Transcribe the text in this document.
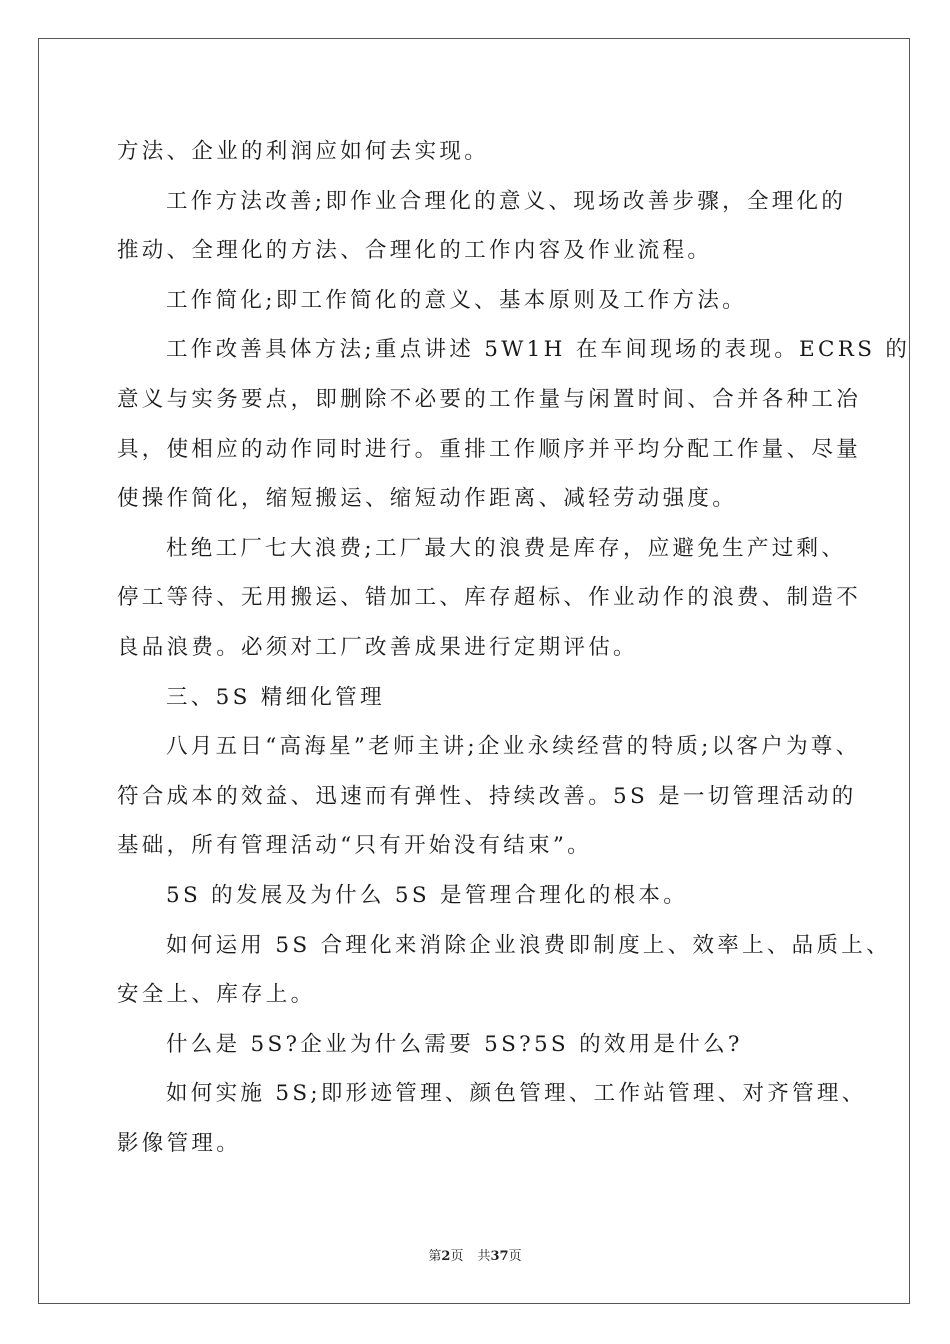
方法、企业的利润应如何去实现。
工作方法改善;即作业合理化的意义、现场改善步骤，全理化的
推动、全理化的方法、合理化的工作内容及作业流程。
工作简化;即工作简化的意义、基本原则及工作方法。
工作改善具体方法;重点讲述 5W1H 在车间现场的表现。ECRS 的
意义与实务要点，即删除不必要的工作量与闲置时间、合并各种工冶
具，使相应的动作同时进行。重排工作顺序并平均分配工作量、尽量
使操作简化，缩短搬运、缩短动作距离、减轻劳动强度。
杜绝工厂七大浪费;工厂最大的浪费是库存，应避免生产过剩、
停工等待、无用搬运、错加工、库存超标、作业动作的浪费、制造不
良品浪费。必须对工厂改善成果进行定期评估。
三、5S 精细化管理
八月五日“高海星”老师主讲;企业永续经营的特质;以客户为尊、
符合成本的效益、迅速而有弹性、持续改善。5S 是一切管理活动的
基础，所有管理活动“只有开始没有结束”。
5S 的发展及为什么 5S 是管理合理化的根本。
如何运用 5S 合理化来消除企业浪费即制度上、效率上、品质上、
安全上、库存上。
什么是 5S?企业为什么需要 5S?5S 的效用是什么?
如何实施 5S;即形迹管理、颜色管理、工作站管理、对齐管理、
影像管理。
第2页 共37页
